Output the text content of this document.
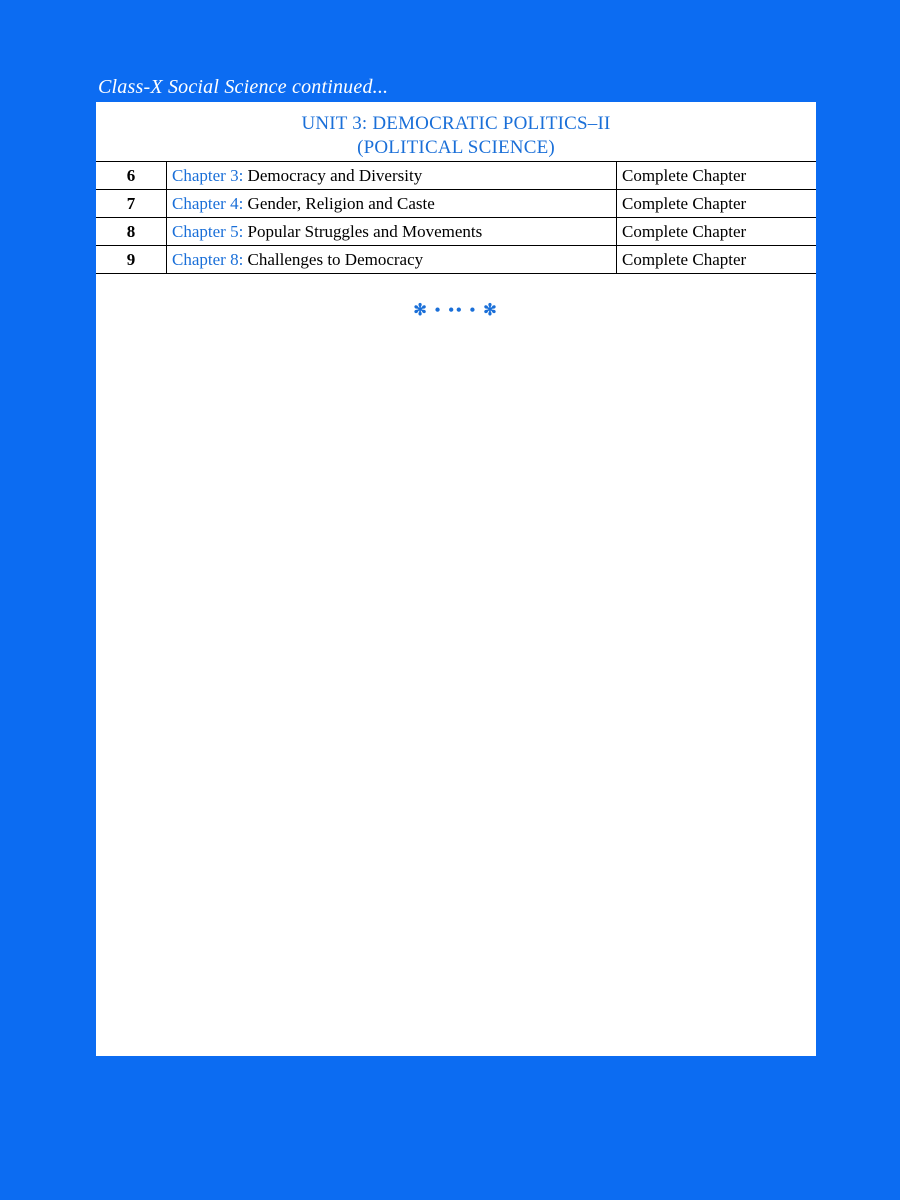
Class-X Social Science continued...
UNIT 3: DEMOCRATIC POLITICS–II
(POLITICAL SCIENCE)
6	Chapter 3: Democracy and Diversity	Complete Chapter
7	Chapter 4: Gender, Religion and Caste	Complete Chapter
8	Chapter 5: Popular Struggles and Movements	Complete Chapter
9	Chapter 8: Challenges to Democracy	Complete Chapter
✻ • •• • ✻
